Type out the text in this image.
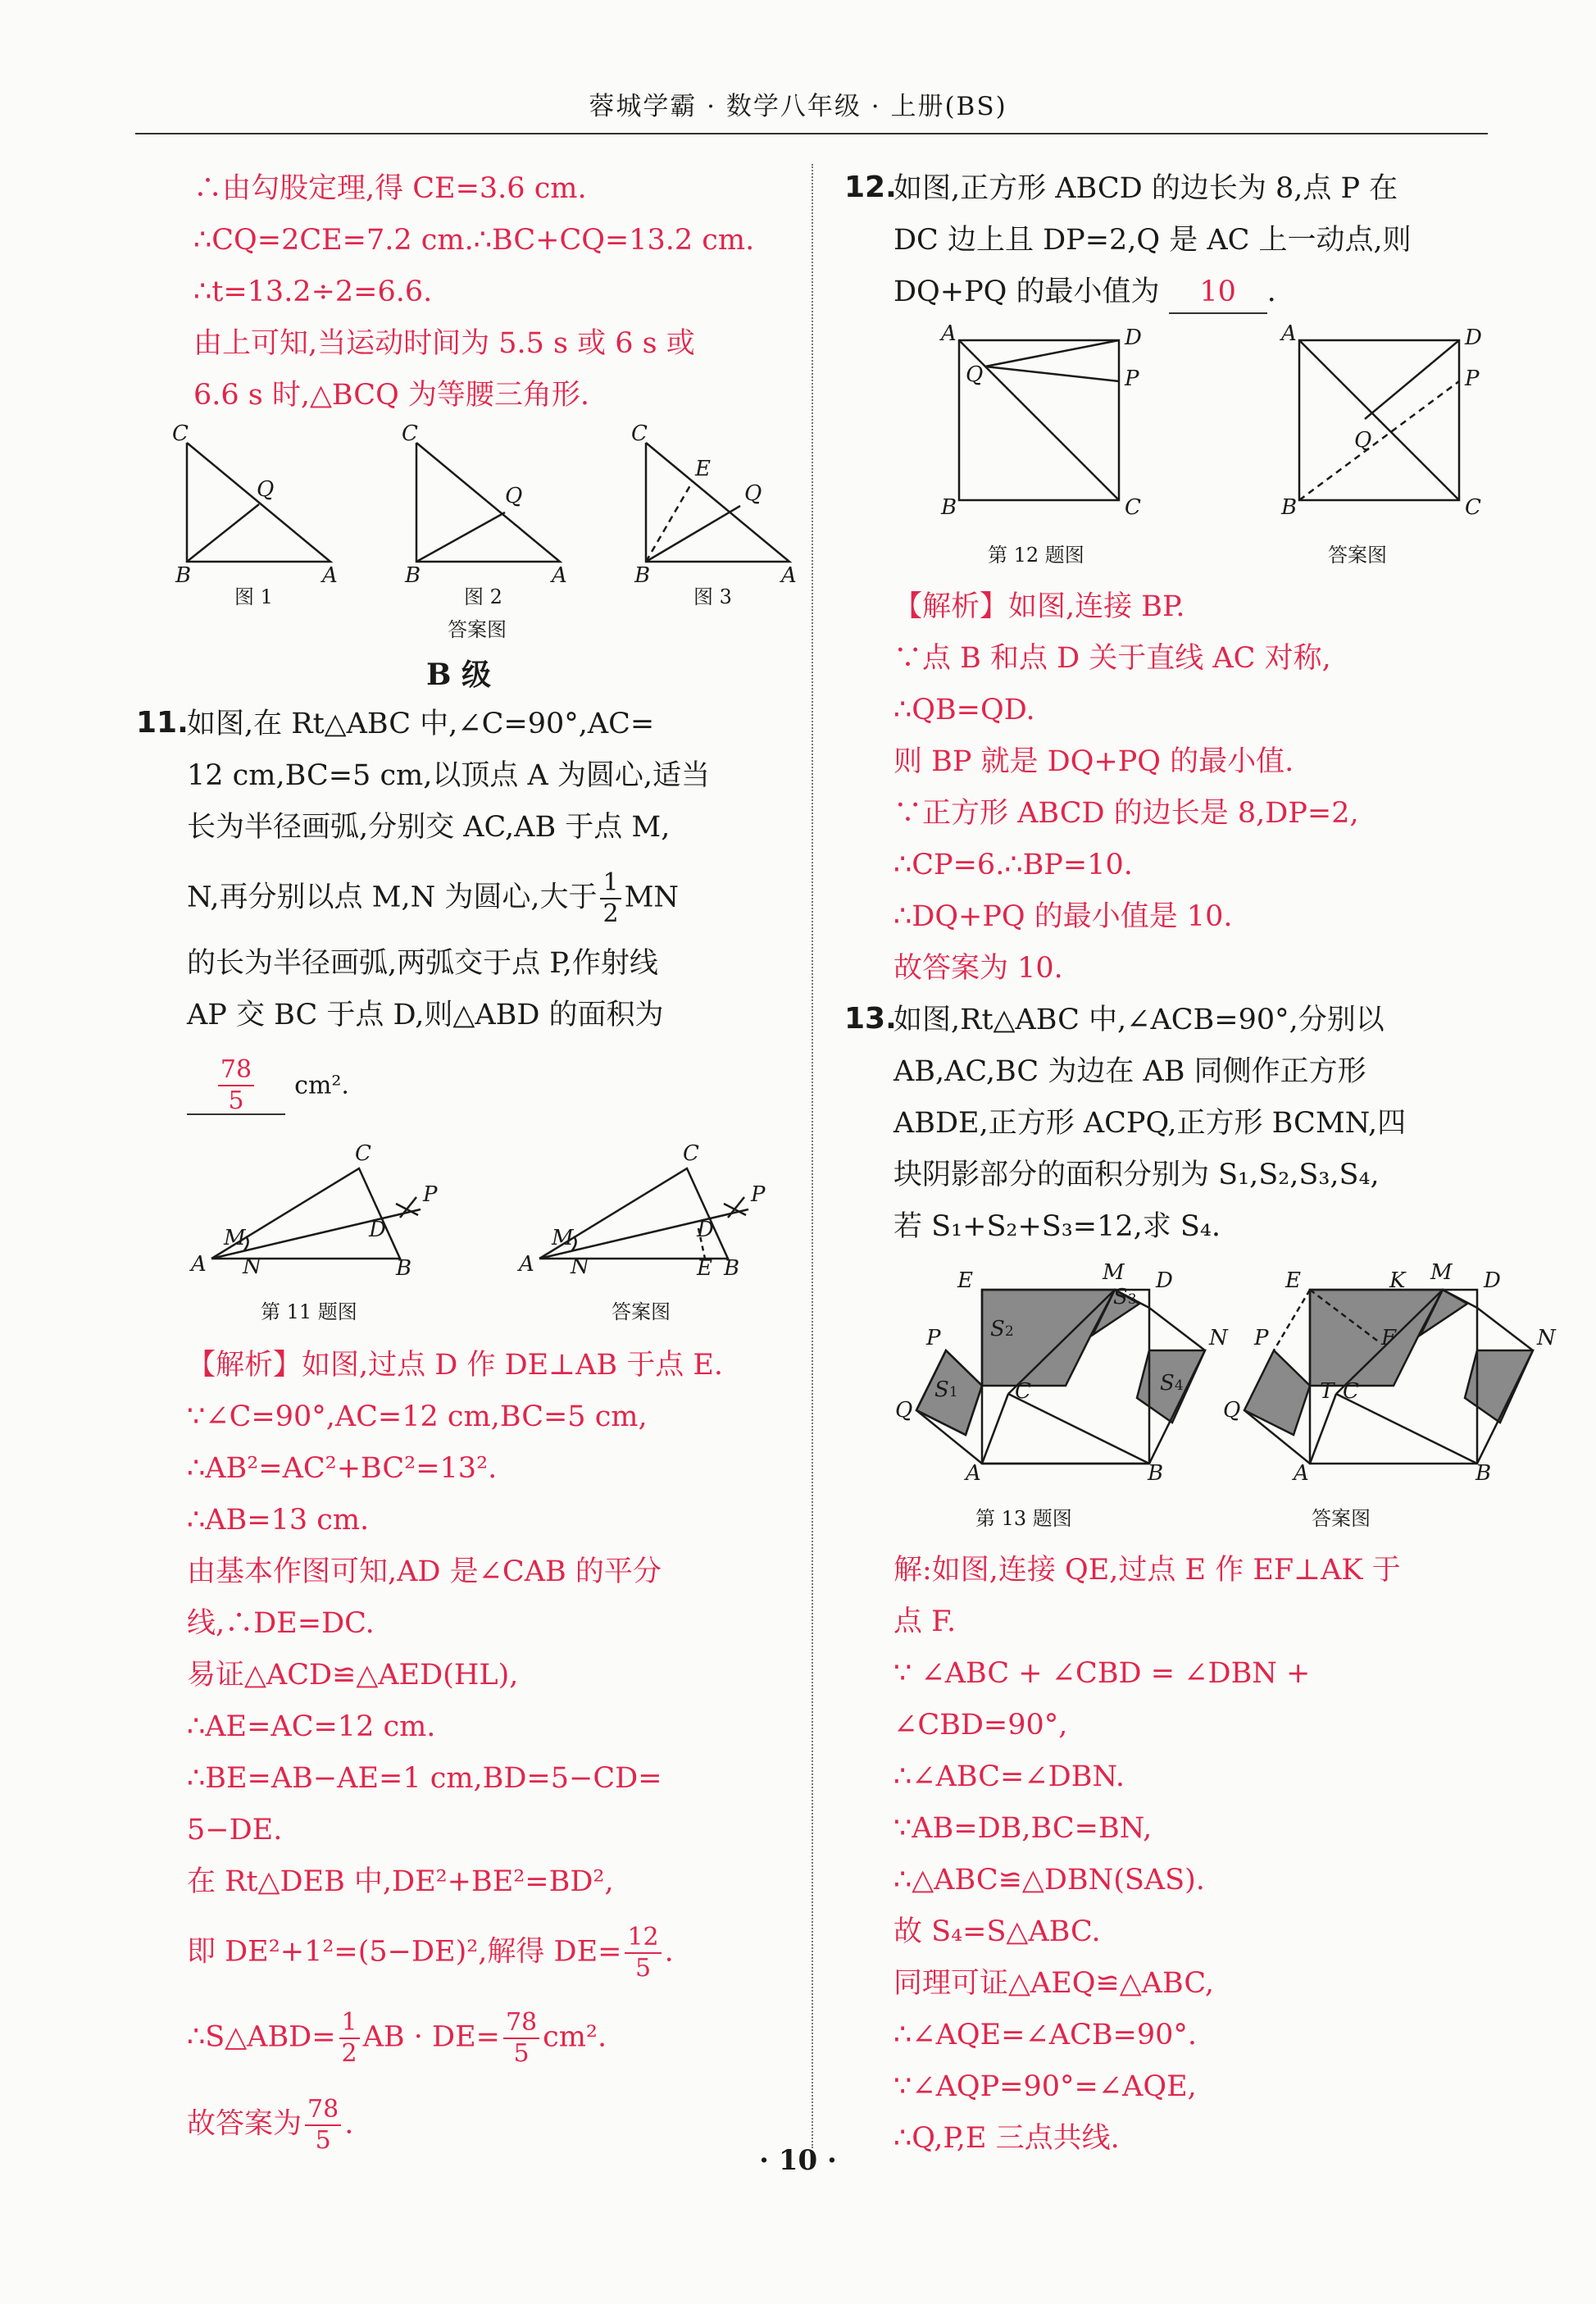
蓉城学霸 · 数学八年级 · 上册(BS)
∴由勾股定理,得 CE=3.6 cm.
∴CQ=2CE=7.2 cm.∴BC+CQ=13.2 cm.
∴t=13.2÷2=6.6.
由上可知,当运动时间为 5.5 s 或 6 s 或
6.6 s 时,△BCQ 为等腰三角形.
C
B	A
Q
C
B	A
Q
C
B	A
E
Q
图 1	图 2	图 3
答案图
B 级
11.
如图,在 Rt△ABC 中,∠C=90°,AC=
12 cm,BC=5 cm,以顶点 A 为圆心,适当
长为半径画弧,分别交 AC,AB 于点 M,
N,再分别以点 M,N 为圆心,大于 $\frac{1}{2}$ MN
的长为半径画弧,两弧交于点 P,作射线
AP 交 BC 于点 D,则△ABD 的面积为
$\frac{78}{5} cm^2$.
A
C
B
M
N
D
P
A
C
B
M
N
D
P
E
第 11 题图	答案图
【解析】如图,过点 D 作 DE⊥AB 于点 E.
∵∠C=90°,AC=12 cm,BC=5 cm,
∴AB²=AC²+BC²=13².
∴AB=13 cm.
由基本作图可知,AD 是∠CAB 的平分
线,∴DE=DC.
易证△ACD≌△AED(HL),
∴AE=AC=12 cm.
∴BE=AB−AE=1 cm,BD=5−CD=
5−DE.
在 Rt△DEB 中,DE²+BE²=BD²,
即 DE²+1²=(5−DE)²,解得 $DE= \frac{12}{5}$ .
∴S△ABD= $\frac{1}{2}$ AB · $DE= \frac{78}{5} cm^2$.
故答案为 $\frac{78}{5}$ .
12.
如图,正方形 ABCD 的边长为 8,点 P 在
DC 边上且 DP=2,Q 是 AC 上一动点,则
DQ+PQ 的最小值为 10 .
A	D
P
B	C
Q
A	D
P
B	C
Q
第 12 题图	答案图
【解析】如图,连接 BP.
∵点 B 和点 D 关于直线 AC 对称,
∴QB=QD.
则 BP 就是 DQ+PQ 的最小值.
∵正方形 ABCD 的边长是 8,DP=2,
∴CP=6.∴BP=10.
∴DQ+PQ 的最小值是 10.
故答案为 10.
13.
如图,Rt△ABC 中,∠ACB=90°,分别以
AB,AC,BC 为边在 AB 同侧作正方形
ABDE,正方形 ACPQ,正方形 BCMN,四
块阴影部分的面积分别为 S₁,S₂,S₃,S₄,
若 S₁+S₂+S₃=12,求 S₄.
E	M D
N
P
Q
A	B
C
S2
S1
S3
S4
E	K M D
N
P
Q
A	B
C
T
F
第 13 题图	答案图
解:如图,连接 QE,过点 E 作 EF⊥AK 于
点 F.
∵ ∠ABC + ∠CBD = ∠DBN +
∠CBD=90°,
∴∠ABC=∠DBN.
∵AB=DB,BC=BN,
∴△ABC≌△DBN(SAS).
故 S₄=S△ABC.
同理可证△AEQ≌△ABC,
∴∠AQE=∠ACB=90°.
∵∠AQP=90°=∠AQE,
∴Q,P,E 三点共线.
· 10 ·
